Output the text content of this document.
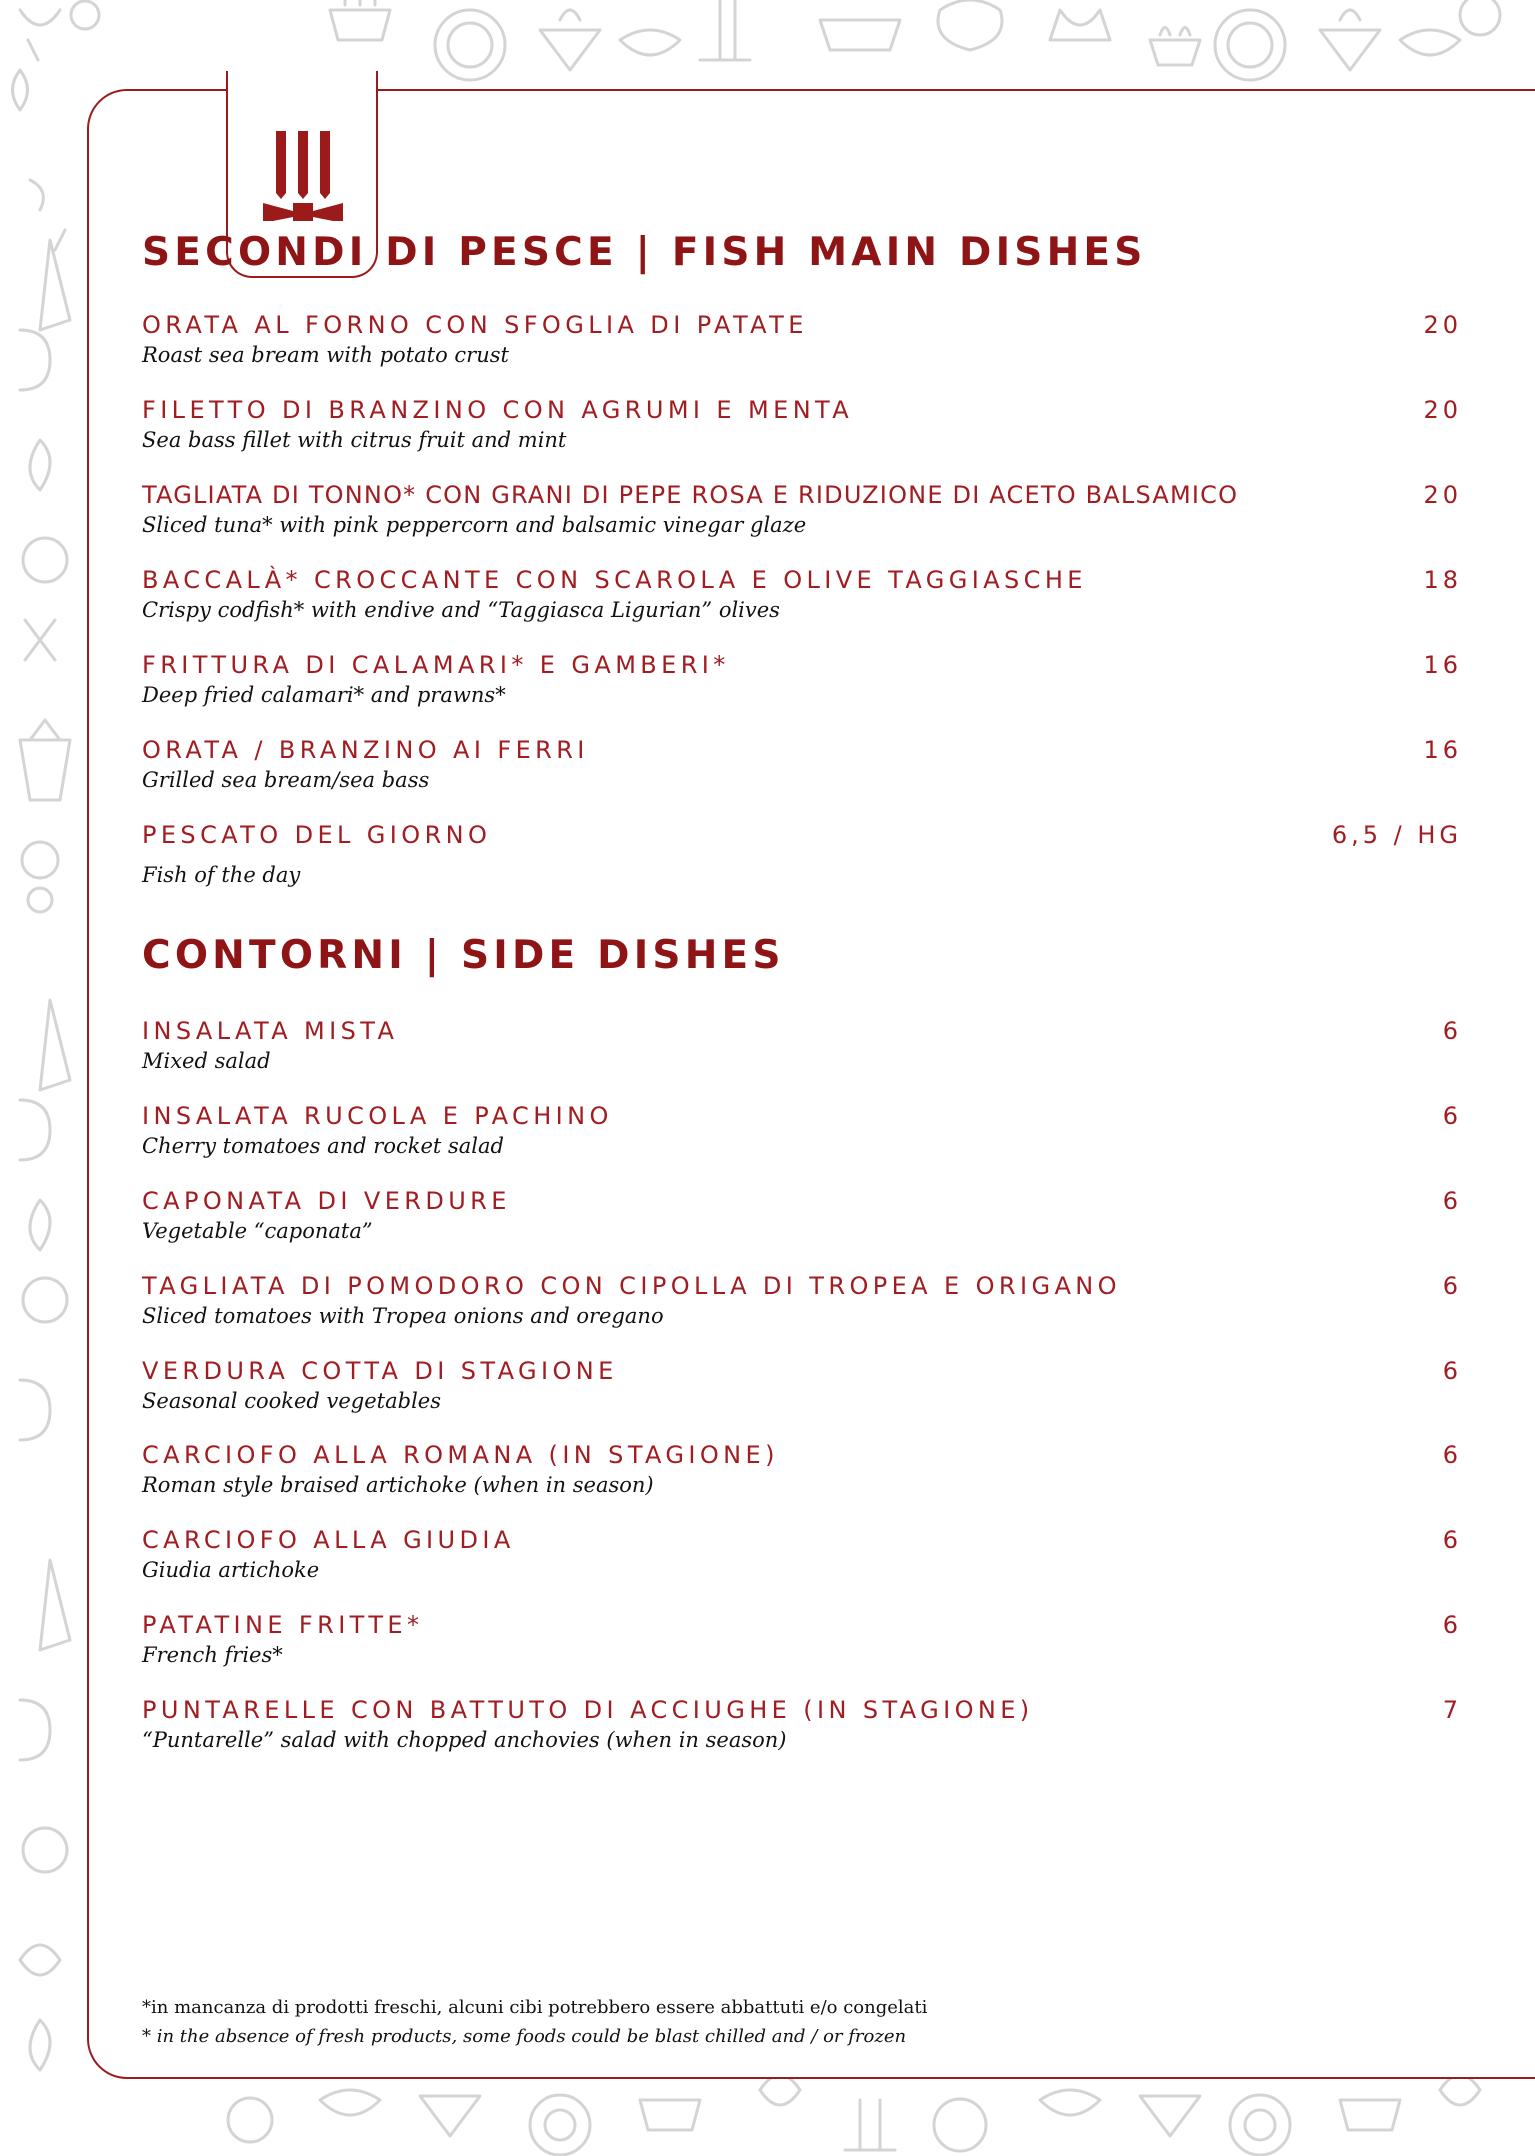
SECONDI DI PESCE | FISH MAIN DISHES
ORATA AL FORNO CON SFOGLIA DI PATATE	20
Roast sea bream with potato crust
FILETTO DI BRANZINO CON AGRUMI E MENTA	20
Sea bass fillet with citrus fruit and mint
TAGLIATA DI TONNO* CON GRANI DI PEPE ROSA E RIDUZIONE DI ACETO BALSAMICO	20
Sliced tuna* with pink peppercorn and balsamic vinegar glaze
BACCALÀ* CROCCANTE CON SCAROLA E OLIVE TAGGIASCHE	18
Crispy codfish* with endive and “Taggiasca Ligurian” olives
FRITTURA DI CALAMARI* E GAMBERI*	16
Deep fried calamari* and prawns*
ORATA / BRANZINO AI FERRI	16
Grilled sea bream/sea bass
PESCATO DEL GIORNO	6,5 / HG
Fish of the day
CONTORNI | SIDE DISHES
INSALATA MISTA	6
Mixed salad
INSALATA RUCOLA E PACHINO	6
Cherry tomatoes and rocket salad
CAPONATA DI VERDURE	6
Vegetable “caponata”
TAGLIATA DI POMODORO CON CIPOLLA DI TROPEA E ORIGANO	6
Sliced tomatoes with Tropea onions and oregano
VERDURA COTTA DI STAGIONE	6
Seasonal cooked vegetables
CARCIOFO ALLA ROMANA (IN STAGIONE)	6
Roman style braised artichoke (when in season)
CARCIOFO ALLA GIUDIA	6
Giudia artichoke
PATATINE FRITTE*	6
French fries*
PUNTARELLE CON BATTUTO DI ACCIUGHE (IN STAGIONE)	7
“Puntarelle” salad with chopped anchovies (when in season)
*in mancanza di prodotti freschi, alcuni cibi potrebbero essere abbattuti e/o congelati
* in the absence of fresh products, some foods could be blast chilled and / or frozen
